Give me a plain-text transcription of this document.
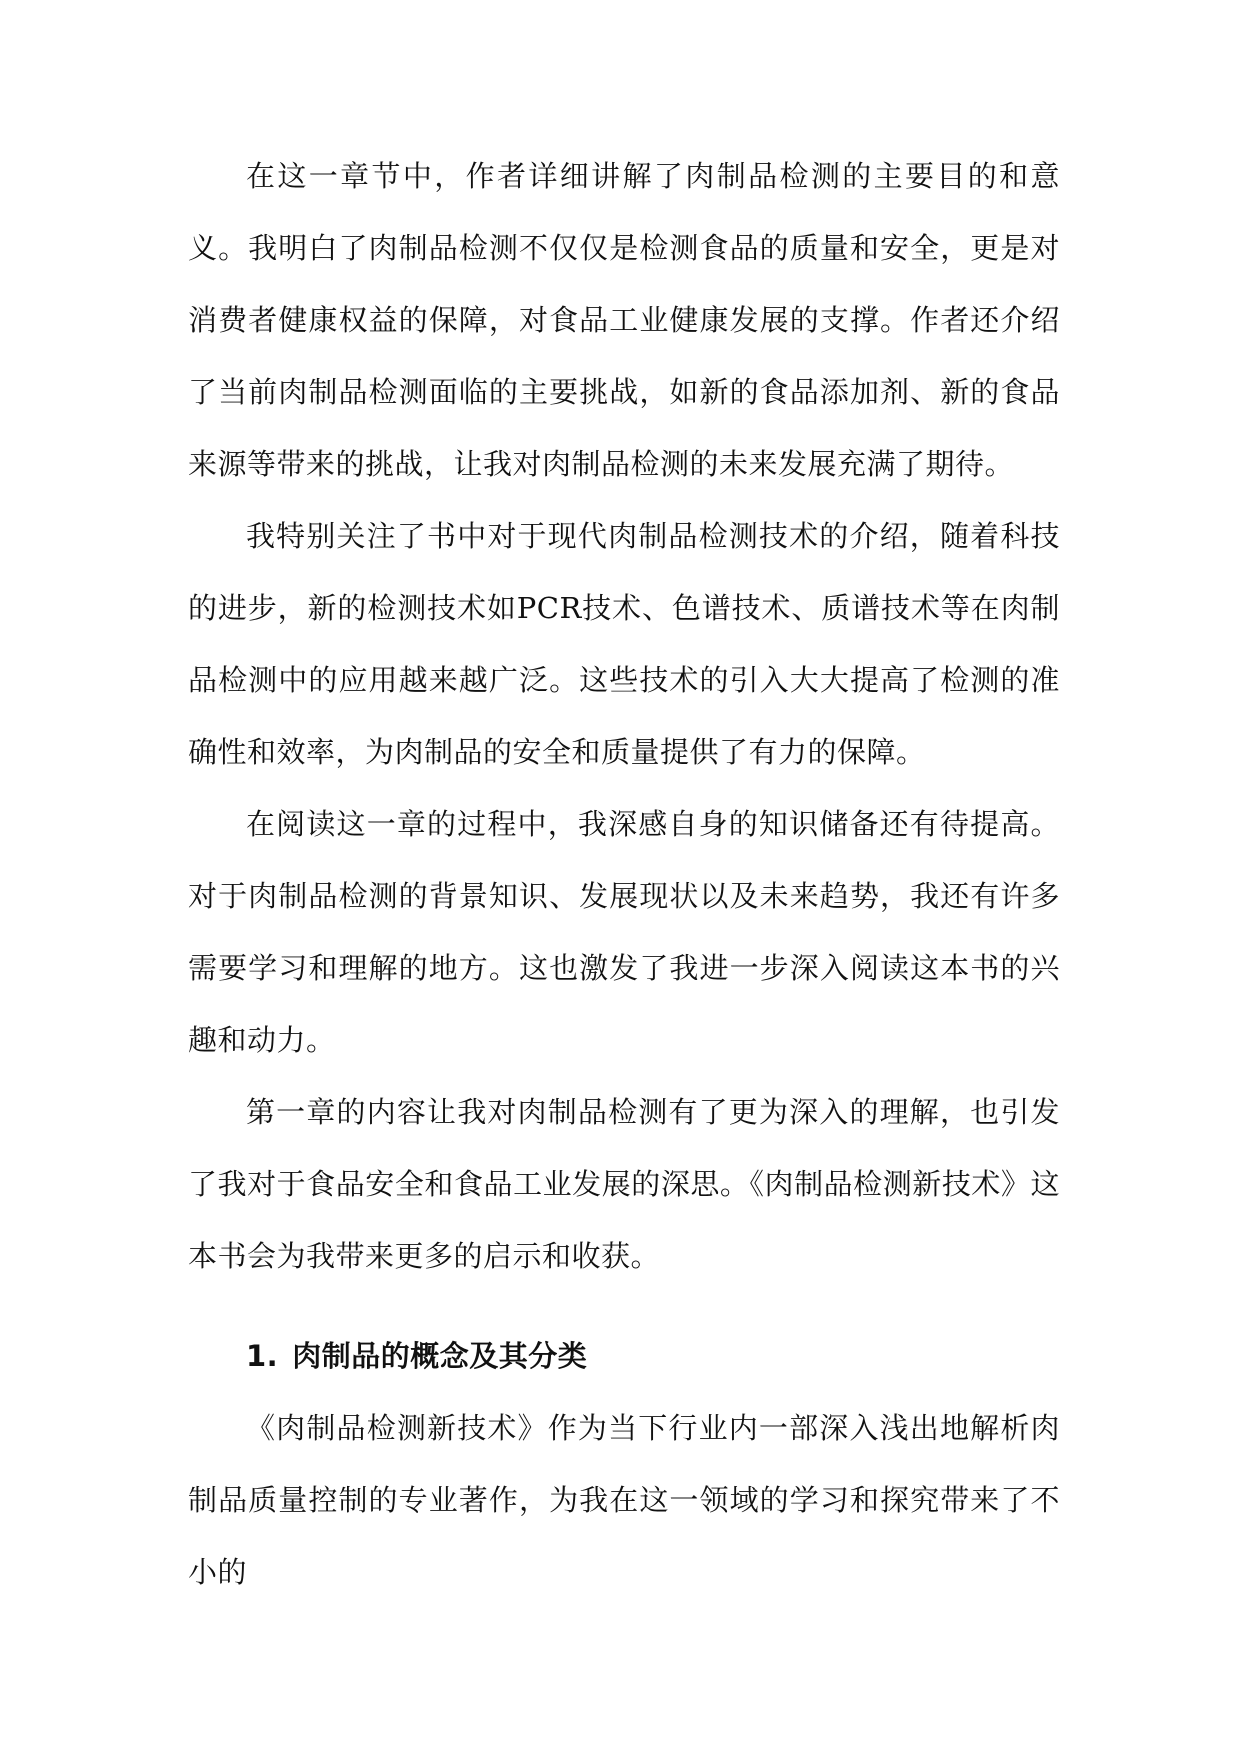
在这一章节中，作者详细讲解了肉制品检测的主要目的和意义。我明白了肉制品检测不仅仅是检测食品的质量和安全，更是对消费者健康权益的保障，对食品工业健康发展的支撑。作者还介绍了当前肉制品检测面临的主要挑战，如新的食品添加剂、新的食品来源等带来的挑战，让我对肉制品检测的未来发展充满了期待。

我特别关注了书中对于现代肉制品检测技术的介绍，随着科技的进步，新的检测技术如PCR技术、色谱技术、质谱技术等在肉制品检测中的应用越来越广泛。这些技术的引入大大提高了检测的准确性和效率，为肉制品的安全和质量提供了有力的保障。

在阅读这一章的过程中，我深感自身的知识储备还有待提高。对于肉制品检测的背景知识、发展现状以及未来趋势，我还有许多需要学习和理解的地方。这也激发了我进一步深入阅读这本书的兴趣和动力。

第一章的内容让我对肉制品检测有了更为深入的理解，也引发了我对于食品安全和食品工业发展的深思。《肉制品检测新技术》这本书会为我带来更多的启示和收获。

1. 肉制品的概念及其分类

《肉制品检测新技术》作为当下行业内一部深入浅出地解析肉制品质量控制的专业著作，为我在这一领域的学习和探究带来了不小的
